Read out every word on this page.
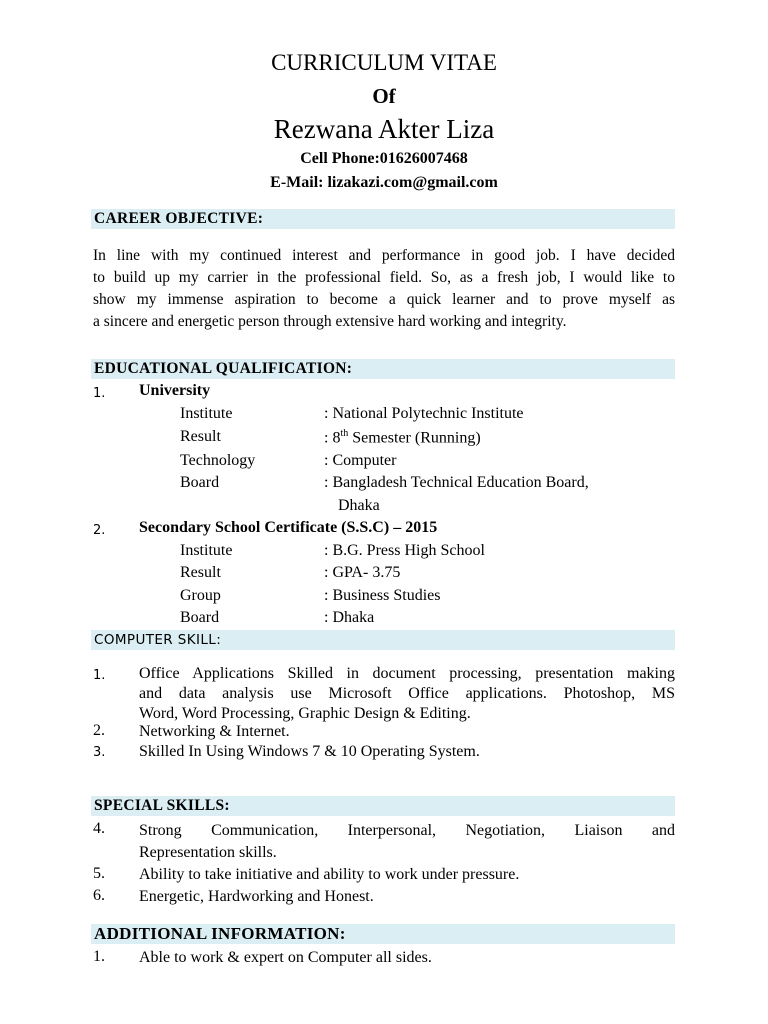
CURRICULUM VITAE
Of
Rezwana Akter Liza
Cell Phone:01626007468
E-Mail: lizakazi.com@gmail.com
CAREER OBJECTIVE:

In line with my continued interest and performance in good job. I have decided

to build up my carrier in the professional field. So, as a fresh job, I would like to

show my immense aspiration to become a quick learner and to prove myself as

a sincere and energetic person through extensive hard working and integrity.

EDUCATIONAL QUALIFICATION:
1. University
Institute	: National Polytechnic Institute
Result	: 8th Semester (Running)
Technology	: Computer
Board	: Bangladesh Technical Education Board,
Dhaka
2. Secondary School Certificate (S.S.C) – 2015
Institute	: B.G. Press High School
Result	: GPA- 3.75
Group	: Business Studies
Board	: Dhaka
COMPUTER SKILL:
1. Office Applications Skilled in document processing, presentation making
and data analysis use Microsoft Office applications. Photoshop, MS
Word, Word Processing, Graphic Design & Editing.
2. Networking & Internet.
3. Skilled In Using Windows 7 & 10 Operating System.
SPECIAL SKILLS:
4. Strong Communication, Interpersonal, Negotiation, Liaison and
Representation skills.
5. Ability to take initiative and ability to work under pressure.
6. Energetic, Hardworking and Honest.
ADDITIONAL INFORMATION:
1. Able to work & expert on Computer all sides.
